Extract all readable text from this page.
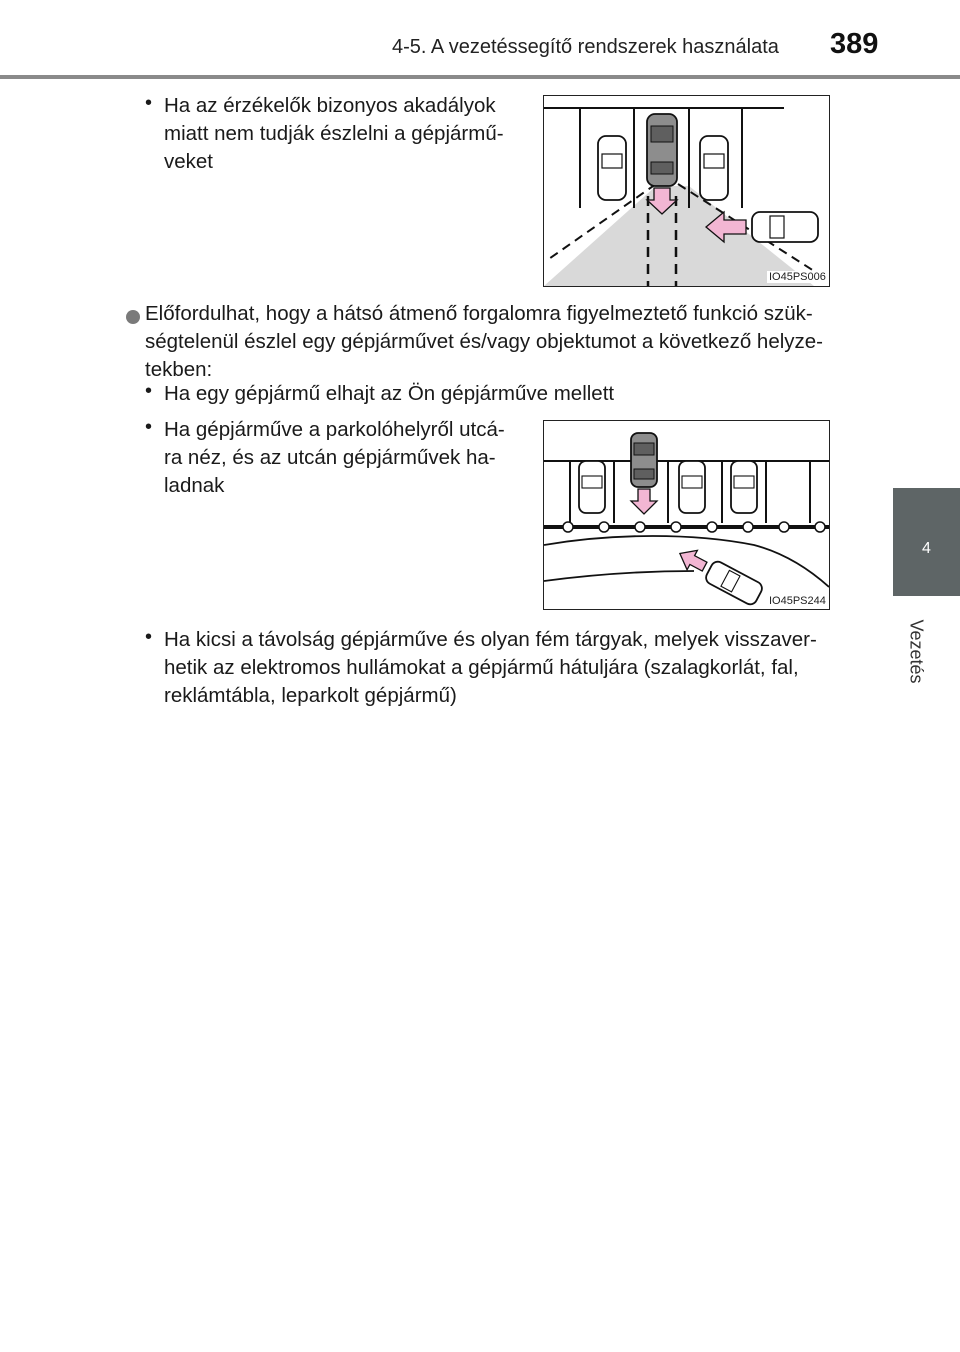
4-5. A vezetéssegítő rendszerek használata 389
4
Vezetés
• Ha az érzékelők bizonyos akadályok
miatt nem tudják észlelni a gépjármű-
veket
IO45PS006
Előfordulhat, hogy a hátsó átmenő forgalomra figyelmeztető funkció szük-
ségtelenül észlel egy gépjárművet és/vagy objektumot a következő helyze-
tekben:
• Ha egy gépjármű elhajt az Ön gépjárműve mellett
• Ha gépjárműve a parkolóhelyről utcá-
ra néz, és az utcán gépjárművek ha-
ladnak
IO45PS244
• Ha kicsi a távolság gépjárműve és olyan fém tárgyak, melyek visszaver-
hetik az elektromos hullámokat a gépjármű hátuljára (szalagkorlát, fal,
reklámtábla, leparkolt gépjármű)
